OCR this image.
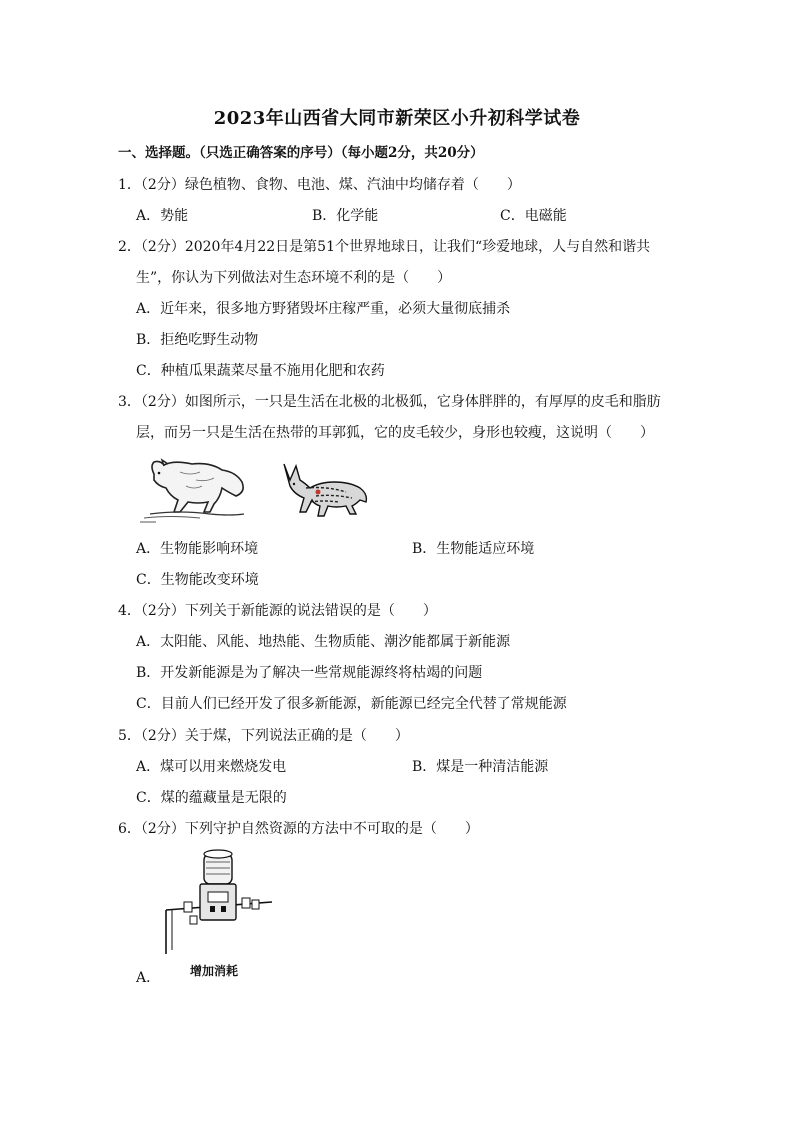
2023年山西省大同市新荣区小升初科学试卷
一、选择题。（只选正确答案的序号）（每小题2分，共20分）
1．（2分）绿色植物、食物、电池、煤、汽油中均储存着（　　）
A．势能	B．化学能	C．电磁能
2．（2分）2020年4月22日是第51个世界地球日，让我们“珍爱地球，人与自然和谐共
生”，你认为下列做法对生态环境不利的是（　　）
A．近年来，很多地方野猪毁坏庄稼严重，必须大量彻底捕杀
B．拒绝吃野生动物
C．种植瓜果蔬菜尽量不施用化肥和农药
3．（2分）如图所示，一只是生活在北极的北极狐，它身体胖胖的，有厚厚的皮毛和脂肪
层，而另一只是生活在热带的耳郭狐，它的皮毛较少，身形也较瘦，这说明（　　）
A．生物能影响环境	B．生物能适应环境
C．生物能改变环境
4．（2分）下列关于新能源的说法错误的是（　　）
A．太阳能、风能、地热能、生物质能、潮汐能都属于新能源
B．开发新能源是为了解决一些常规能源终将枯竭的问题
C．目前人们已经开发了很多新能源，新能源已经完全代替了常规能源
5．（2分）关于煤，下列说法正确的是（　　）
A．煤可以用来燃烧发电	B．煤是一种清洁能源
C．煤的蕴藏量是无限的
6．（2分）下列守护自然资源的方法中不可取的是（　　）
A． 增加消耗
